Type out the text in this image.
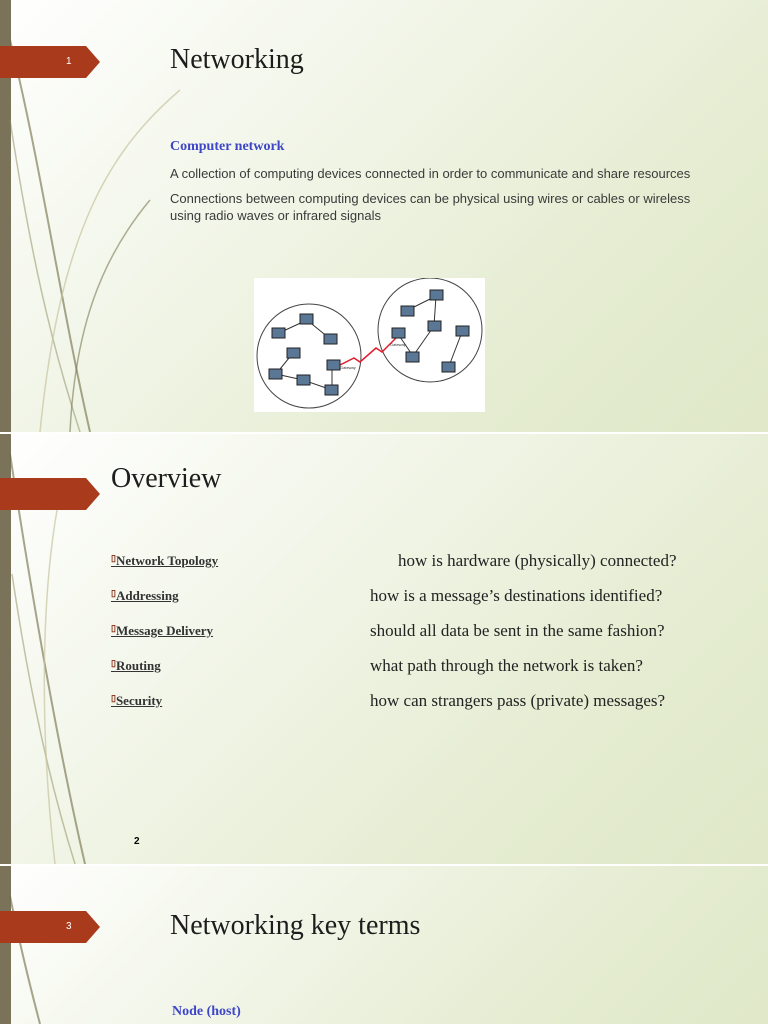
1	Networking
Computer network
A collection of computing devices connected in order to communicate and share resources
Connections between computing devices can be physical using wires or cables or wireless using radio waves or infrared signals
Gateway
Gateway
Overview
▯Network Topology	how is hardware (physically) connected?
▯Addressing	how is a message’s destinations identified?
▯Message Delivery	should all data be sent in the same fashion?
▯Routing	what path through the network is taken?
▯Security	how can strangers pass (private) messages?
2
3	Networking key terms
Node (host)
